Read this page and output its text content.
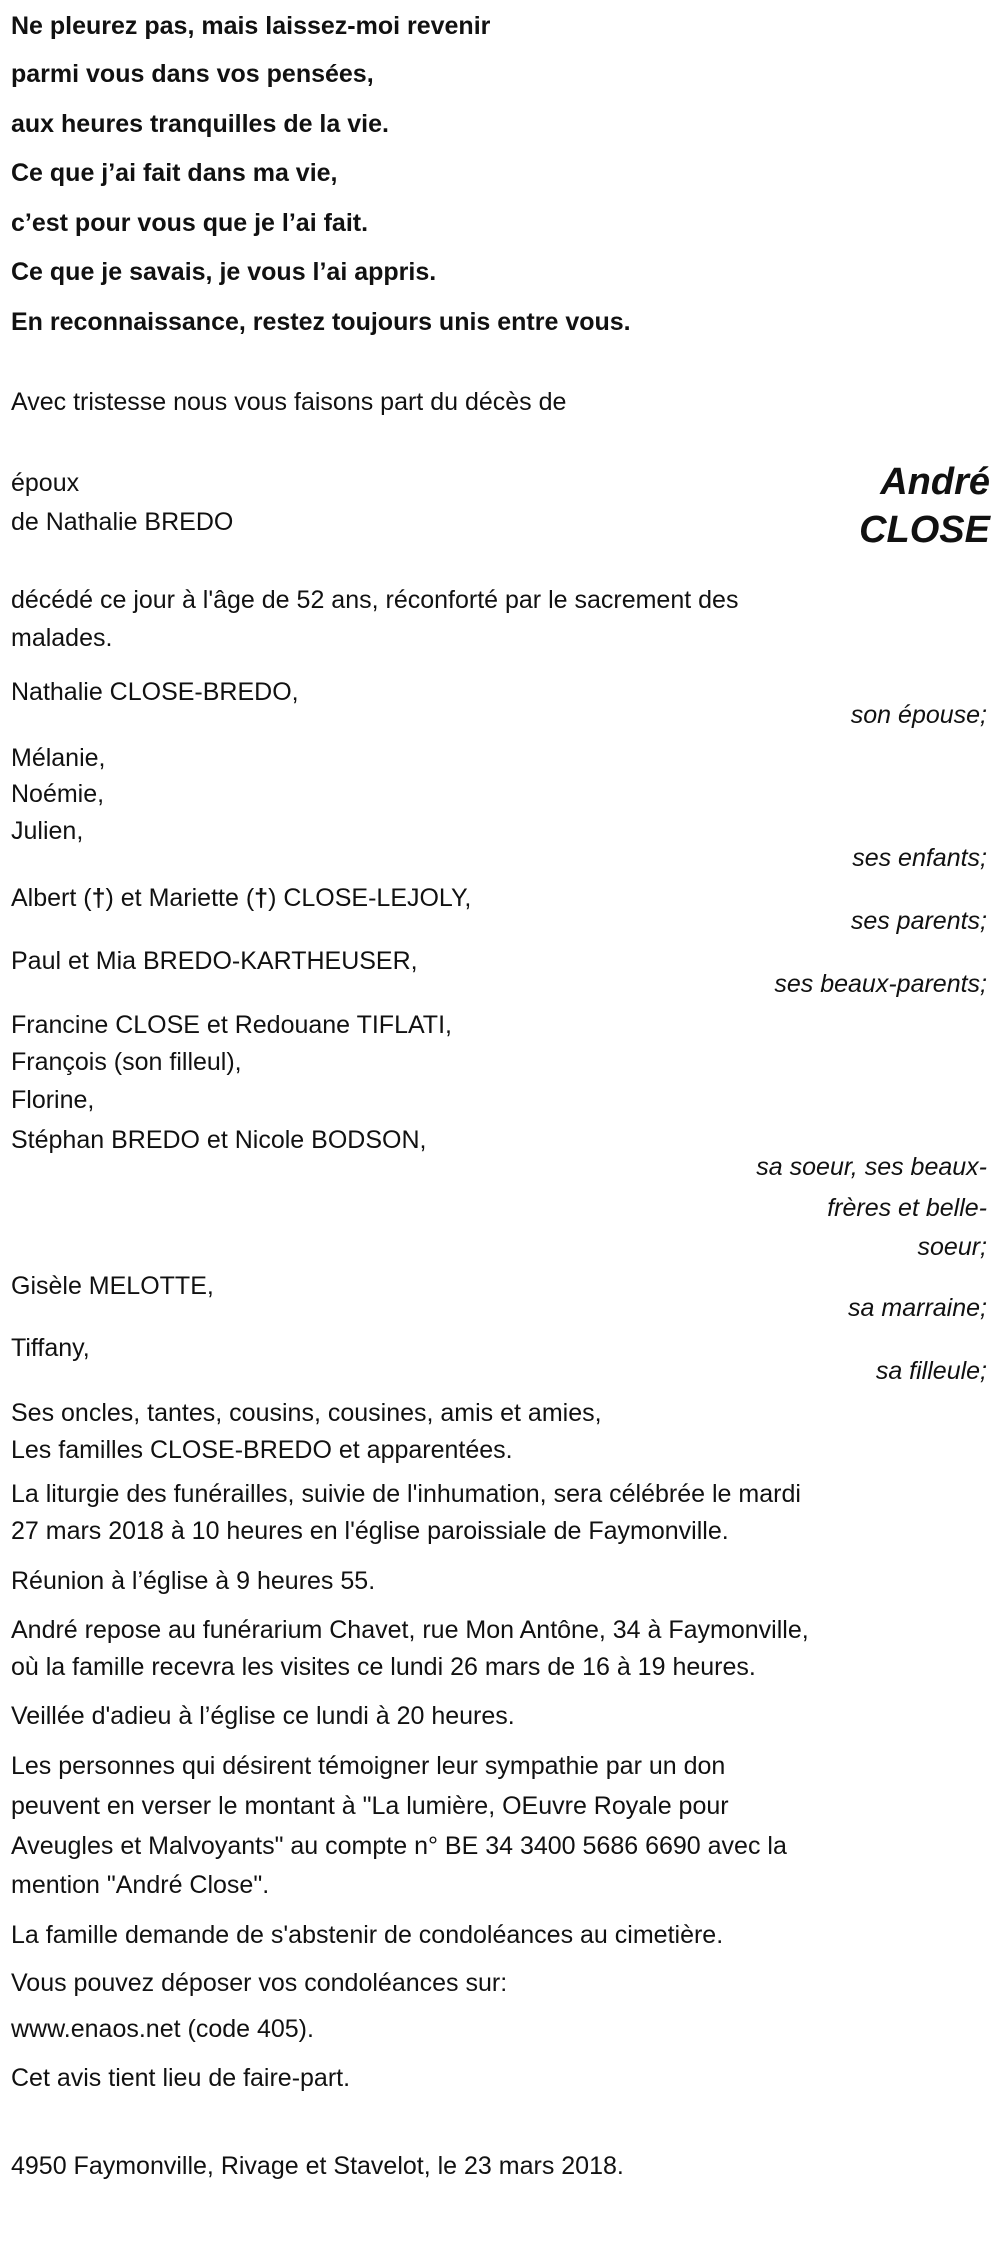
Ne pleurez pas, mais laissez-moi revenir
parmi vous dans vos pensées,
aux heures tranquilles de la vie.
Ce que j’ai fait dans ma vie,
c’est pour vous que je l’ai fait.
Ce que je savais, je vous l’ai appris.
En reconnaissance, restez toujours unis entre vous.
Avec tristesse nous vous faisons part du décès de
époux
de Nathalie BREDO
André
CLOSE
décédé ce jour à l'âge de 52 ans, réconforté par le sacrement des
malades.
Nathalie CLOSE-BREDO,
son épouse;
Mélanie,
Noémie,
Julien,
ses enfants;
Albert (†) et Mariette (†) CLOSE-LEJOLY,
ses parents;
Paul et Mia BREDO-KARTHEUSER,
ses beaux-parents;
Francine CLOSE et Redouane TIFLATI,
François (son filleul),
Florine,
Stéphan BREDO et Nicole BODSON,
sa soeur, ses beaux-
frères et belle-
soeur;
Gisèle MELOTTE,
sa marraine;
Tiffany,
sa filleule;
Ses oncles, tantes, cousins, cousines, amis et amies,
Les familles CLOSE-BREDO et apparentées.
La liturgie des funérailles, suivie de l'inhumation, sera célébrée le mardi
27 mars 2018 à 10 heures en l'église paroissiale de Faymonville.
Réunion à l’église à 9 heures 55.
André repose au funérarium Chavet, rue Mon Antône, 34 à Faymonville,
où la famille recevra les visites ce lundi 26 mars de 16 à 19 heures.
Veillée d'adieu à l’église ce lundi à 20 heures.
Les personnes qui désirent témoigner leur sympathie par un don
peuvent en verser le montant à "La lumière, OEuvre Royale pour
Aveugles et Malvoyants" au compte n° BE 34 3400 5686 6690 avec la
mention "André Close".
La famille demande de s'abstenir de condoléances au cimetière.
Vous pouvez déposer vos condoléances sur:
www.enaos.net (code 405).
Cet avis tient lieu de faire-part.
4950 Faymonville, Rivage et Stavelot, le 23 mars 2018.
